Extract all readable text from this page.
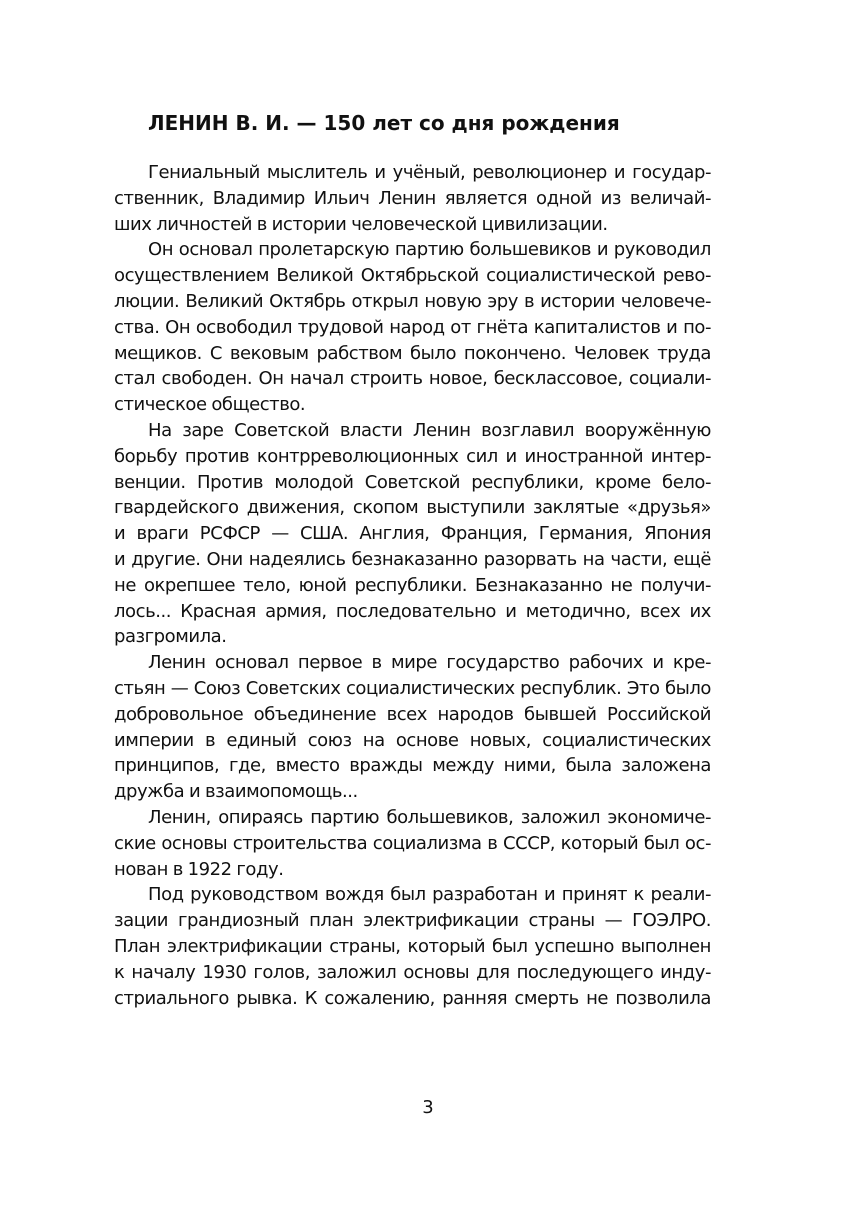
ЛЕНИН В. И. — 150 лет со дня рождения

Гениальный мыслитель и учёный, революционер и государ-
ственник, Владимир Ильич Ленин является одной из величай-
ших личностей в истории человеческой цивилизации.

Он основал пролетарскую партию большевиков и руководил
осуществлением Великой Октябрьской социалистической рево-
люции. Великий Октябрь открыл новую эру в истории человече-
ства. Он освободил трудовой народ от гнёта капиталистов и по-
мещиков. С вековым рабством было покончено. Человек труда
стал свободен. Он начал строить новое, бесклассовое, социали-
стическое общество.

На заре Советской власти Ленин возглавил вооружённую
борьбу против контрреволюционных сил и иностранной интер-
венции. Против молодой Советской республики, кроме бело-
гвардейского движения, скопом выступили заклятые «друзья»
и враги РСФСР — США. Англия, Франция, Германия, Япония
и другие. Они надеялись безнаказанно разорвать на части, ещё
не окрепшее тело, юной республики. Безнаказанно не получи-
лось... Красная армия, последовательно и методично, всех их
разгромила.

Ленин основал первое в мире государство рабочих и кре-
стьян — Союз Советских социалистических республик. Это было
добровольное объединение всех народов бывшей Российской
империи в единый союз на основе новых, социалистических
принципов, где, вместо вражды между ними, была заложена
дружба и взаимопомощь...

Ленин, опираясь партию большевиков, заложил экономиче-
ские основы строительства социализма в СССР, который был ос-
нован в 1922 году.

Под руководством вождя был разработан и принят к реали-
зации грандиозный план электрификации страны — ГОЭЛРО.
План электрификации страны, который был успешно выполнен
к началу 1930 голов, заложил основы для последующего инду-
стриального рывка. К сожалению, ранняя смерть не позволила

3
